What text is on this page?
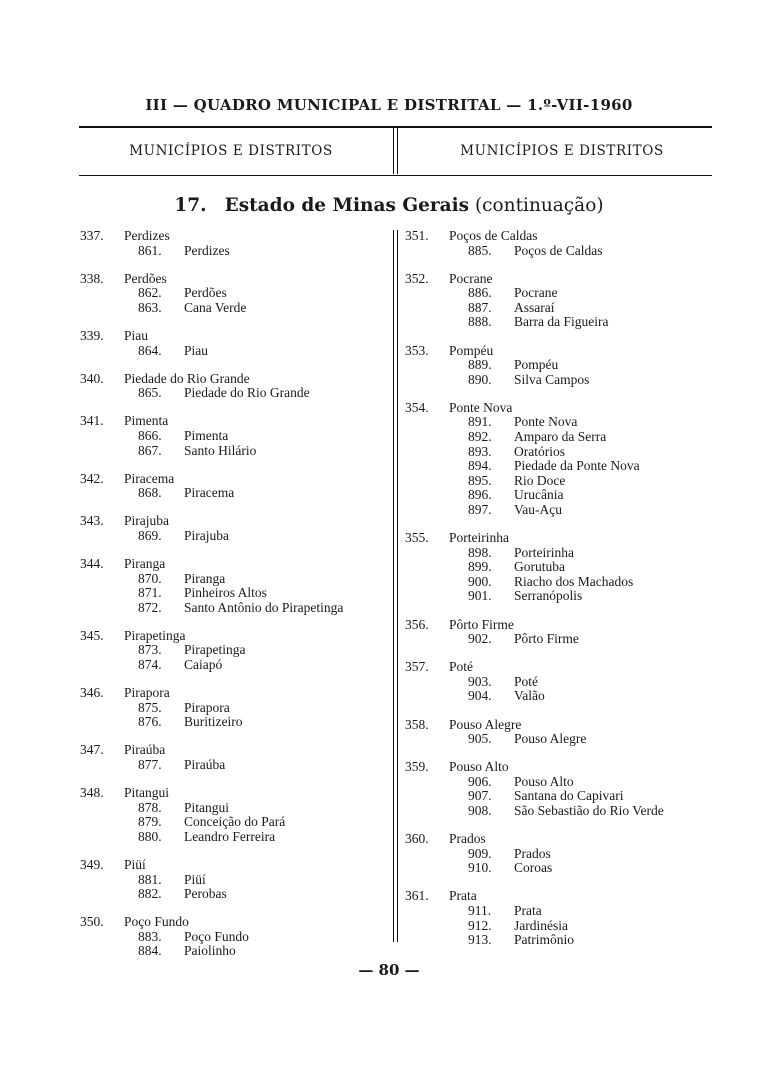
III — QUADRO MUNICIPAL E DISTRITAL — 1.º-VII-1960
MUNICÍPIOS E DISTRITOS	MUNICÍPIOS E DISTRITOS
17. Estado de Minas Gerais (continuação)
337. Perdizes
861. Perdizes
338. Perdões
862. Perdões
863. Cana Verde
339. Piau
864. Piau
340. Piedade do Rio Grande
865. Piedade do Rio Grande
341. Pimenta
866. Pimenta
867. Santo Hilário
342. Piracema
868. Piracema
343. Pirajuba
869. Pirajuba
344. Piranga
870. Piranga
871. Pinheiros Altos
872. Santo Antônio do Pirapetinga
345. Pirapetinga
873. Pirapetinga
874. Caiapó
346. Pirapora
875. Pirapora
876. Buritizeiro
347. Piraúba
877. Piraúba
348. Pitangui
878. Pitangui
879. Conceição do Pará
880. Leandro Ferreira
349. Piüí
881. Piüí
882. Perobas
350. Poço Fundo
883. Poço Fundo
884. Paiolinho
351. Poços de Caldas
885. Poços de Caldas
352. Pocrane
886. Pocrane
887. Assaraí
888. Barra da Figueira
353. Pompéu
889. Pompéu
890. Silva Campos
354. Ponte Nova
891. Ponte Nova
892. Amparo da Serra
893. Oratórios
894. Piedade da Ponte Nova
895. Rio Doce
896. Urucânia
897. Vau-Açu
355. Porteirinha
898. Porteirinha
899. Gorutuba
900. Riacho dos Machados
901. Serranópolis
356. Pôrto Firme
902. Pôrto Firme
357. Poté
903. Poté
904. Valão
358. Pouso Alegre
905. Pouso Alegre
359. Pouso Alto
906. Pouso Alto
907. Santana do Capivari
908. São Sebastião do Rio Verde
360. Prados
909. Prados
910. Coroas
361. Prata
911. Prata
912. Jardinésia
913. Patrimônio
— 80 —
